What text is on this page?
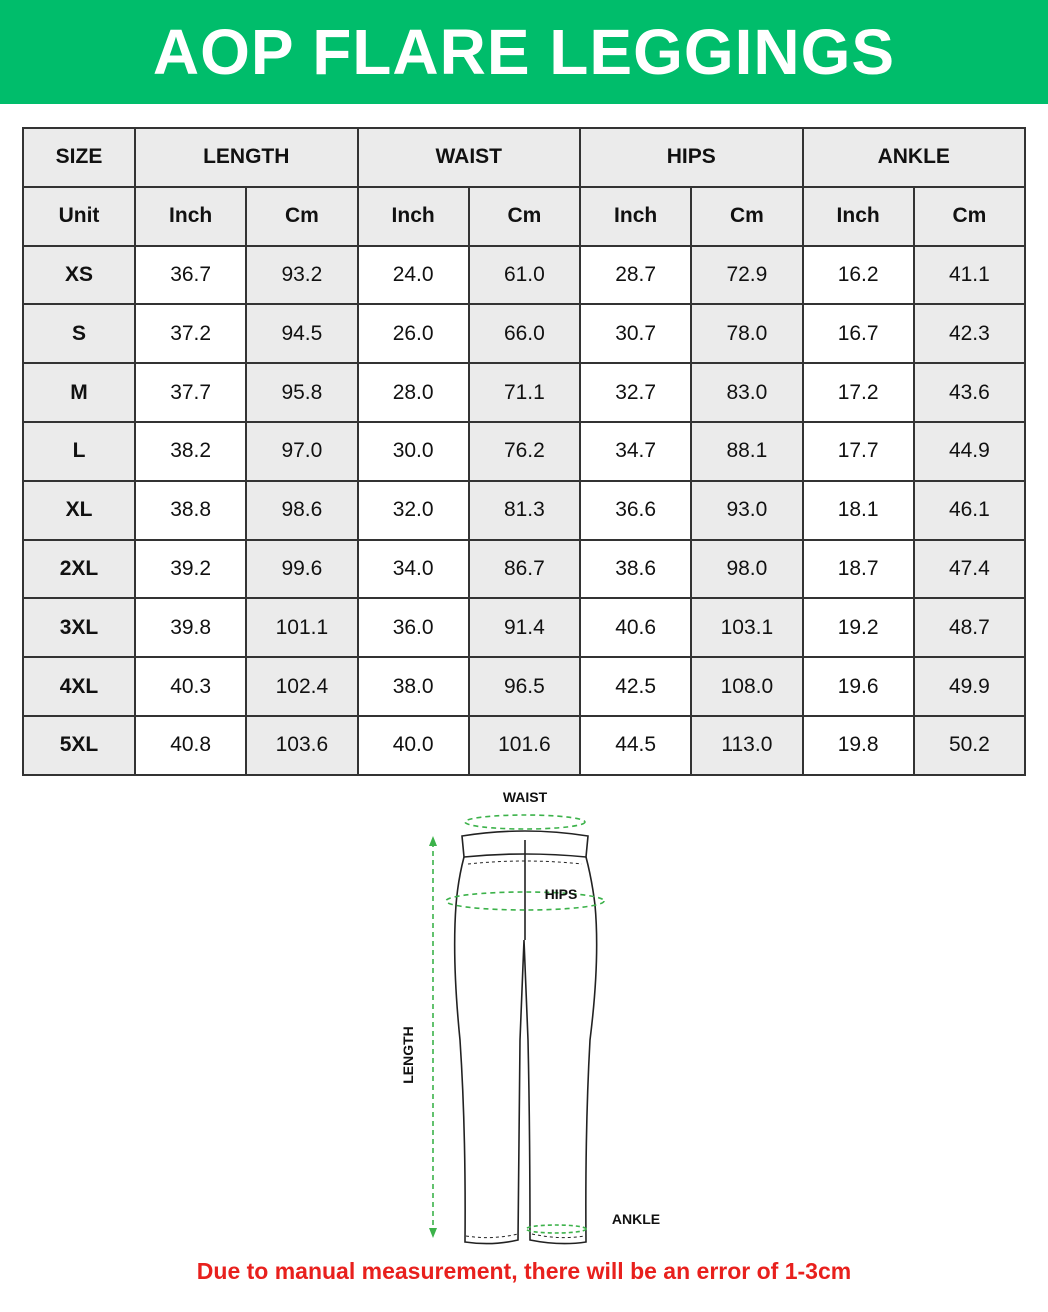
AOP FLARE LEGGINGS
SIZE	LENGTH		WAIST		HIPS		ANKLE	
Unit	Inch	Cm	Inch	Cm	Inch	Cm	Inch	Cm
XS	36.7	93.2	24.0	61.0	28.7	72.9	16.2	41.1
S	37.2	94.5	26.0	66.0	30.7	78.0	16.7	42.3
M	37.7	95.8	28.0	71.1	32.7	83.0	17.2	43.6
L	38.2	97.0	30.0	76.2	34.7	88.1	17.7	44.9
XL	38.8	98.6	32.0	81.3	36.6	93.0	18.1	46.1
2XL	39.2	99.6	34.0	86.7	38.6	98.0	18.7	47.4
3XL	39.8	101.1	36.0	91.4	40.6	103.1	19.2	48.7
4XL	40.3	102.4	38.0	96.5	42.5	108.0	19.6	49.9
5XL	40.8	103.6	40.0	101.6	44.5	113.0	19.8	50.2
WAIST
HIPS
ANKLE
LENGTH
Due to manual measurement, there will be an error of 1-3cm
